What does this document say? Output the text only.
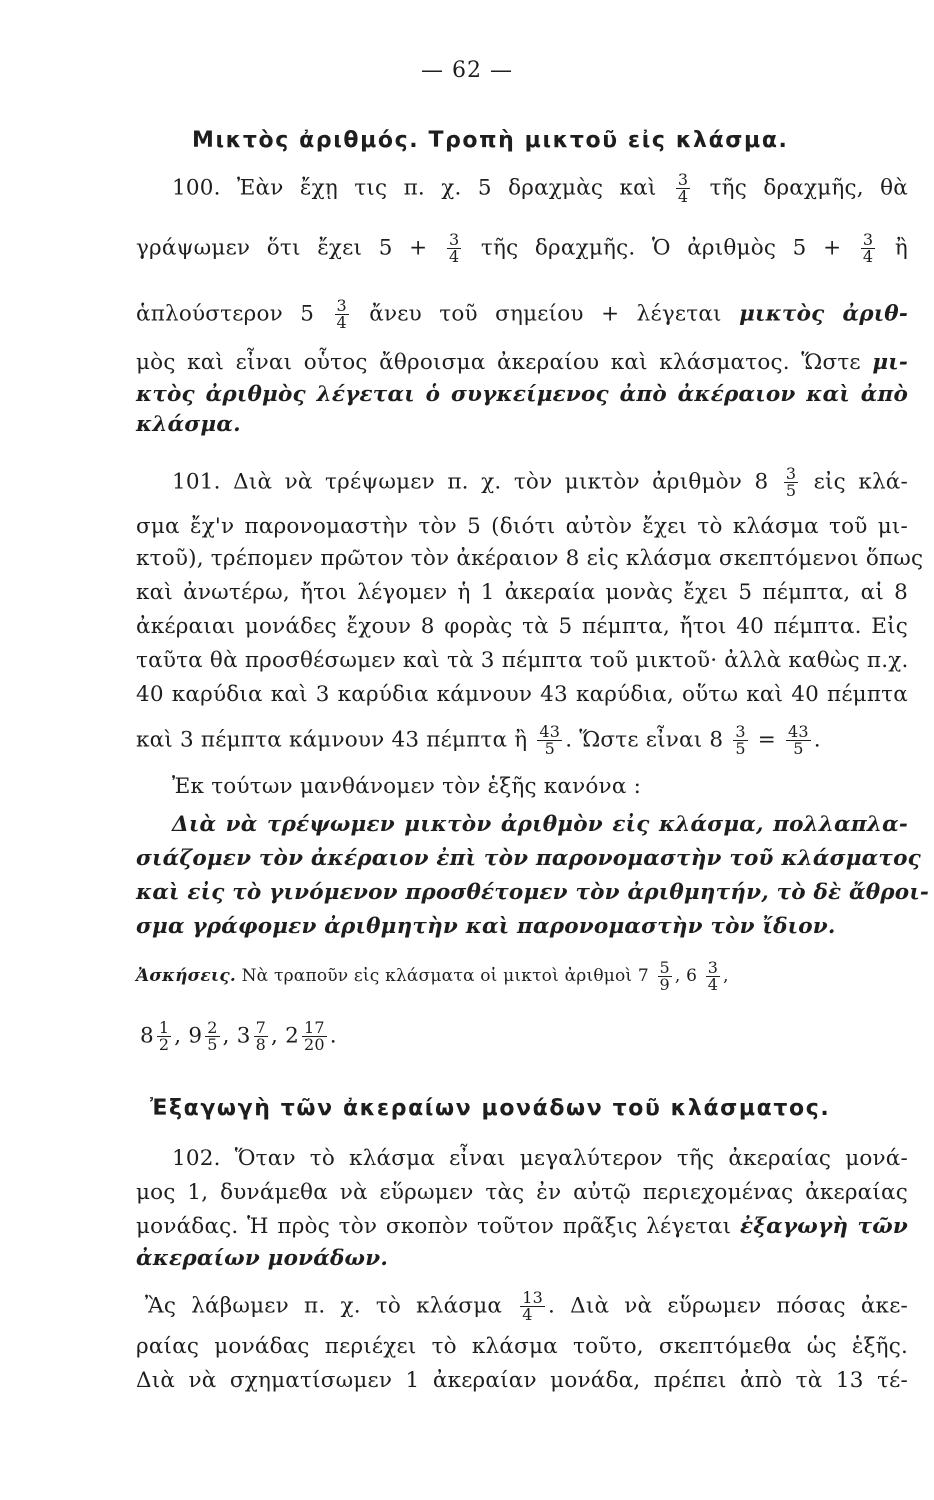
— 62 —
Μικτὸς ἀριθμός. Τροπὴ μικτοῦ εἰς κλάσμα.
100. Ἐὰν ἔχῃ τις π. χ. 5 δραχμὰς καὶ $\frac{3}{4}$ τῆς δραχμῆς, θὰ
γράψωμεν ὅτι ἔχει $5 + \frac{3}{4}$ τῆς δραχμῆς. Ὁ ἀριθμὸς $5 + \frac{3}{4}$ ἢ
ἁπλούστερον $5 \frac{3}{4}$ ἄνευ τοῦ σημείου + λέγεται μικτὸς ἀριθ-
μὸς καὶ εἶναι οὗτος ἄθροισμα ἀκεραίου καὶ κλάσματος. Ὥστε μι-
κτὸς ἀριθμὸς λέγεται ὁ συγκείμενος ἀπὸ ἀκέραιον καὶ ἀπὸ
κλάσμα.
101. Διὰ νὰ τρέψωμεν π. χ. τὸν μικτὸν ἀριθμὸν $8 \frac{3}{5}$ εἰς κλά-
σμα ἔχ'ν παρονομαστὴν τὸν 5 (διότι αὐτὸν ἔχει τὸ κλάσμα τοῦ μι-
κτοῦ), τρέπομεν πρῶτον τὸν ἀκέραιον 8 εἰς κλάσμα σκεπτόμενοι ὅπως
καὶ ἀνωτέρω, ἤτοι λέγομεν ἡ 1 ἀκεραία μονὰς ἔχει 5 πέμπτα, αἱ 8
ἀκέραιαι μονάδες ἔχουν 8 φορὰς τὰ 5 πέμπτα, ἤτοι 40 πέμπτα. Εἰς
ταῦτα θὰ προσθέσωμεν καὶ τὰ 3 πέμπτα τοῦ μικτοῦ· ἀλλὰ καθὼς π.χ.
40 καρύδια καὶ 3 καρύδια κάμνουν 43 καρύδια, οὕτω καὶ 40 πέμπτα
καὶ 3 πέμπτα κάμνουν 43 πέμπτα ἢ $\frac{43}{5}$ . Ὥστε εἶναι $8 \frac{3}{5} = \frac{43}{5}$ .
Ἐκ τούτων μανθάνομεν τὸν ἑξῆς κανόνα :
Διὰ νὰ τρέψωμεν μικτὸν ἀριθμὸν εἰς κλάσμα, πολλαπλα-
σιάζομεν τὸν ἀκέραιον ἐπὶ τὸν παρονομαστὴν τοῦ κλάσματος
καὶ εἰς τὸ γινόμενον προσθέτομεν τὸν ἀριθμητήν, τὸ δὲ ἄθροι-
σμα γράφομεν ἀριθμητὴν καὶ παρονομαστὴν τὸν ἴδιον.
Ἀσκήσεις. Νὰ τραποῦν εἰς κλάσματα οἱ μικτοὶ ἀριθμοὶ $7 \frac{5}{9}$ , $6 \frac{3}{4}$ ,
$8 \frac{1}{2}$ , $9 \frac{2}{5}$ , $3 \frac{7}{8}$ , $2 \frac{17}{20}$ .
Ἐξαγωγὴ τῶν ἀκεραίων μονάδων τοῦ κλάσματος.
102. Ὅταν τὸ κλάσμα εἶναι μεγαλύτερον τῆς ἀκεραίας μονά-
μος 1, δυνάμεθα νὰ εὕρωμεν τὰς ἐν αὐτῷ περιεχομένας ἀκεραίας
μονάδας. Ἡ πρὸς τὸν σκοπὸν τοῦτον πρᾶξις λέγεται ἐξαγωγὴ τῶν
ἀκεραίων μονάδων.
Ἂς λάβωμεν π. χ. τὸ κλάσμα $\frac{13}{4}$ . Διὰ νὰ εὕρωμεν πόσας ἀκε-
ραίας μονάδας περιέχει τὸ κλάσμα τοῦτο, σκεπτόμεθα ὡς ἑξῆς.
Διὰ νὰ σχηματίσωμεν 1 ἀκεραίαν μονάδα, πρέπει ἀπὸ τὰ 13 τέ-
